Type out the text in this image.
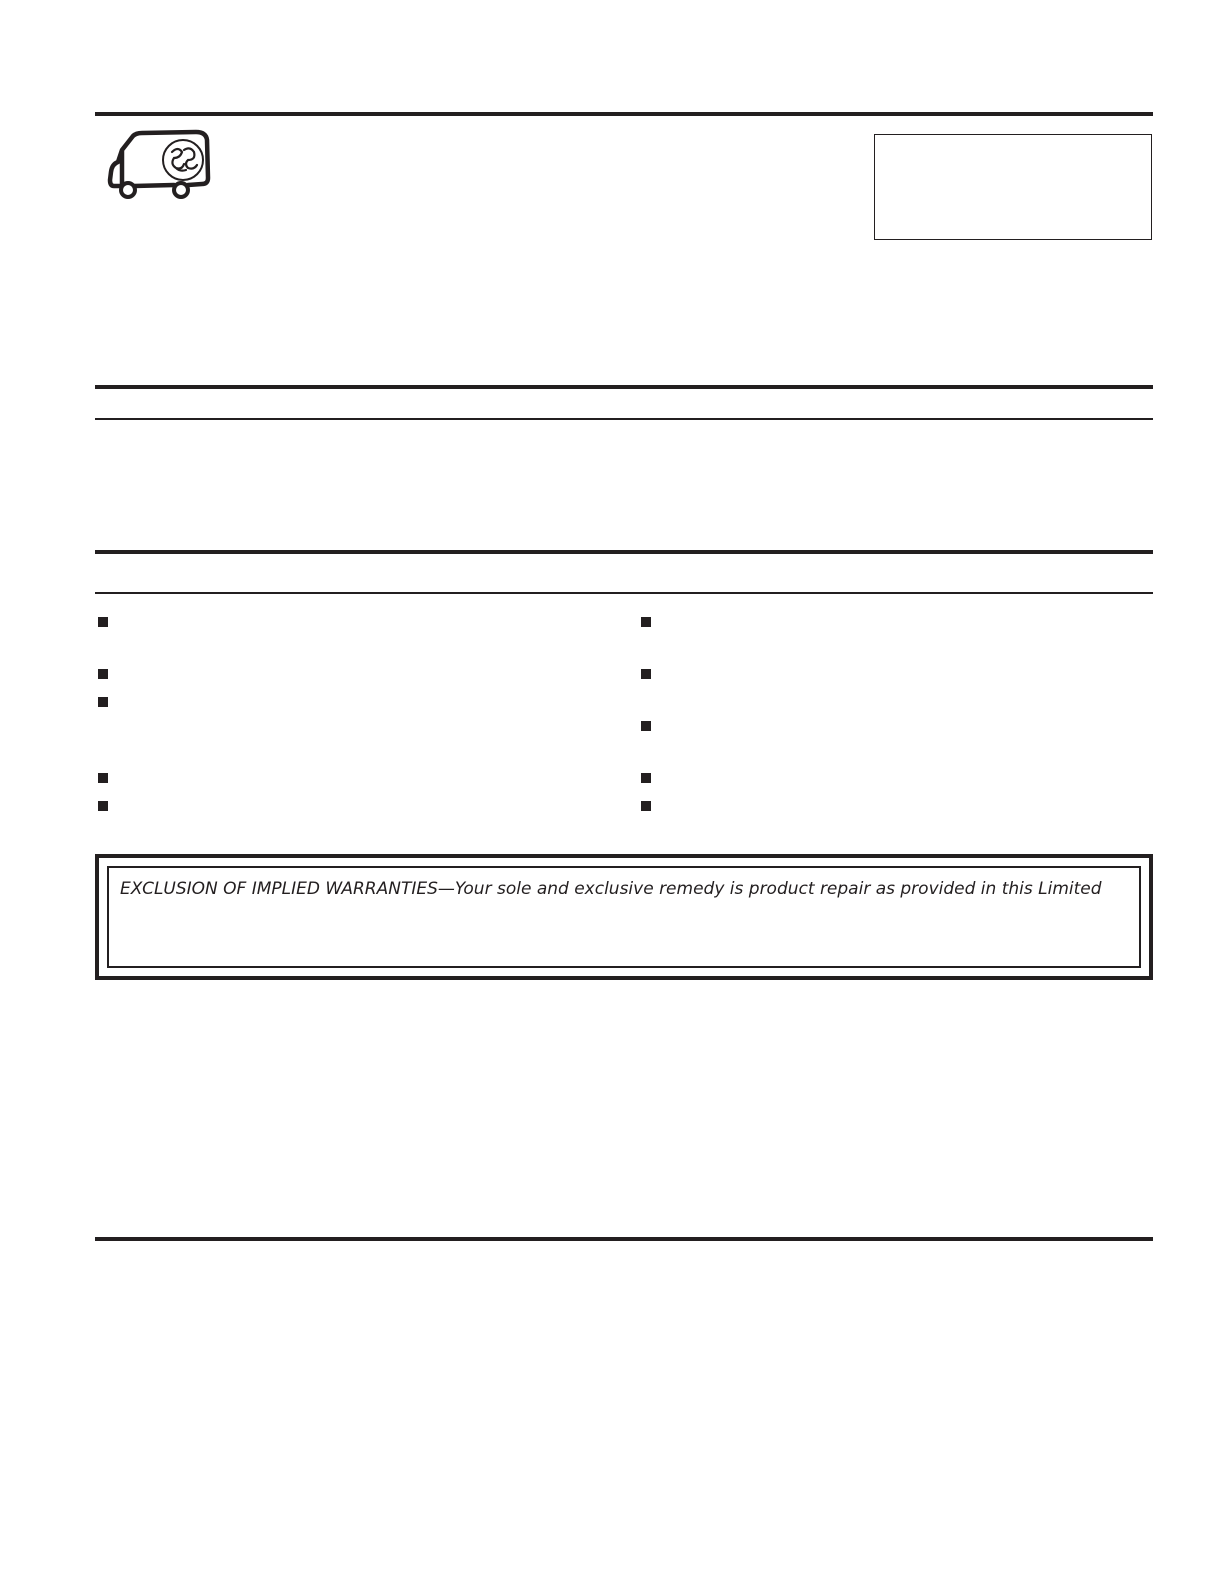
EXCLUSION OF IMPLIED WARRANTIES—Your sole and exclusive remedy is product repair as provided in this Limited
